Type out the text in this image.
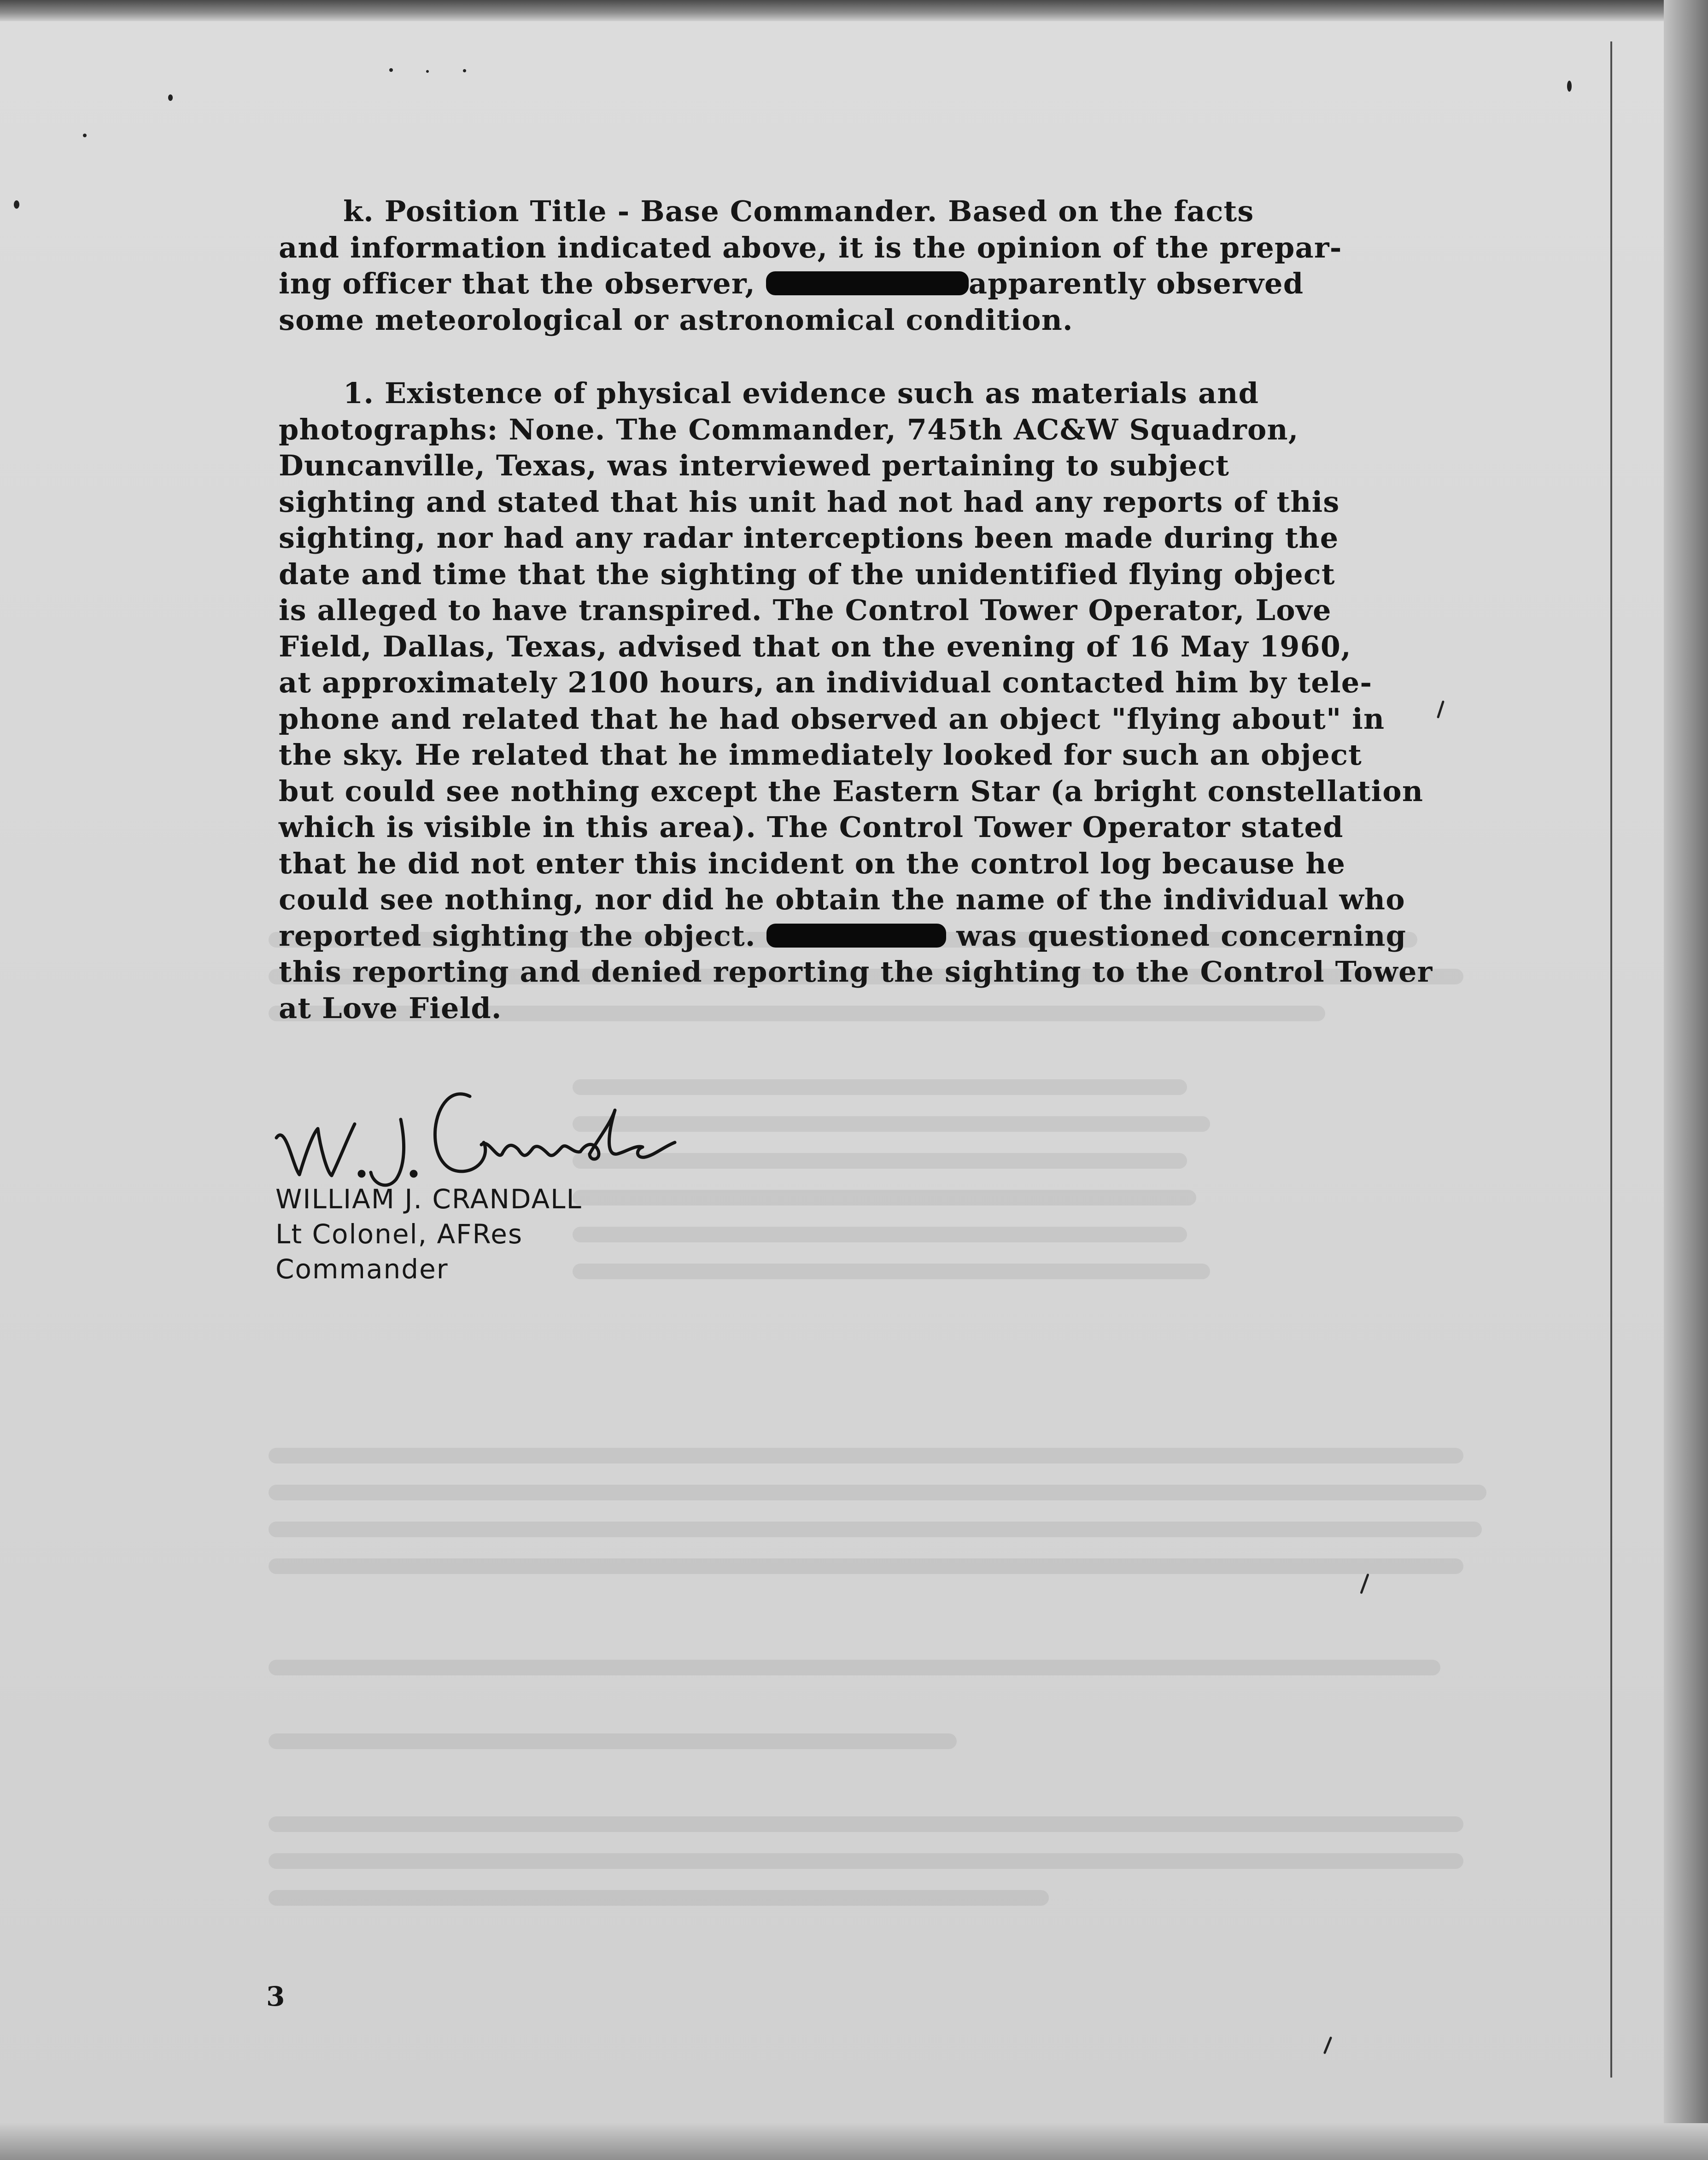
k. Position Title - Base Commander. Based on the facts
and information indicated above, it is the opinion of the prepar-
ing officer that the observer,	apparently observed
some meteorological or astronomical condition.
1. Existence of physical evidence such as materials and
photographs: None. The Commander, 745th AC&W Squadron,
Duncanville, Texas, was interviewed pertaining to subject
sighting and stated that his unit had not had any reports of this
sighting, nor had any radar interceptions been made during the
date and time that the sighting of the unidentified flying object
is alleged to have transpired. The Control Tower Operator, Love
Field, Dallas, Texas, advised that on the evening of 16 May 1960,
at approximately 2100 hours, an individual contacted him by tele-
phone and related that he had observed an object "flying about" in
the sky. He related that he immediately looked for such an object
but could see nothing except the Eastern Star (a bright constellation
which is visible in this area). The Control Tower Operator stated
that he did not enter this incident on the control log because he
could see nothing, nor did he obtain the name of the individual who
reported sighting the object.	was questioned concerning
this reporting and denied reporting the sighting to the Control Tower
at Love Field.
WILLIAM J. CRANDALL
Lt Colonel, AFRes
Commander
3
